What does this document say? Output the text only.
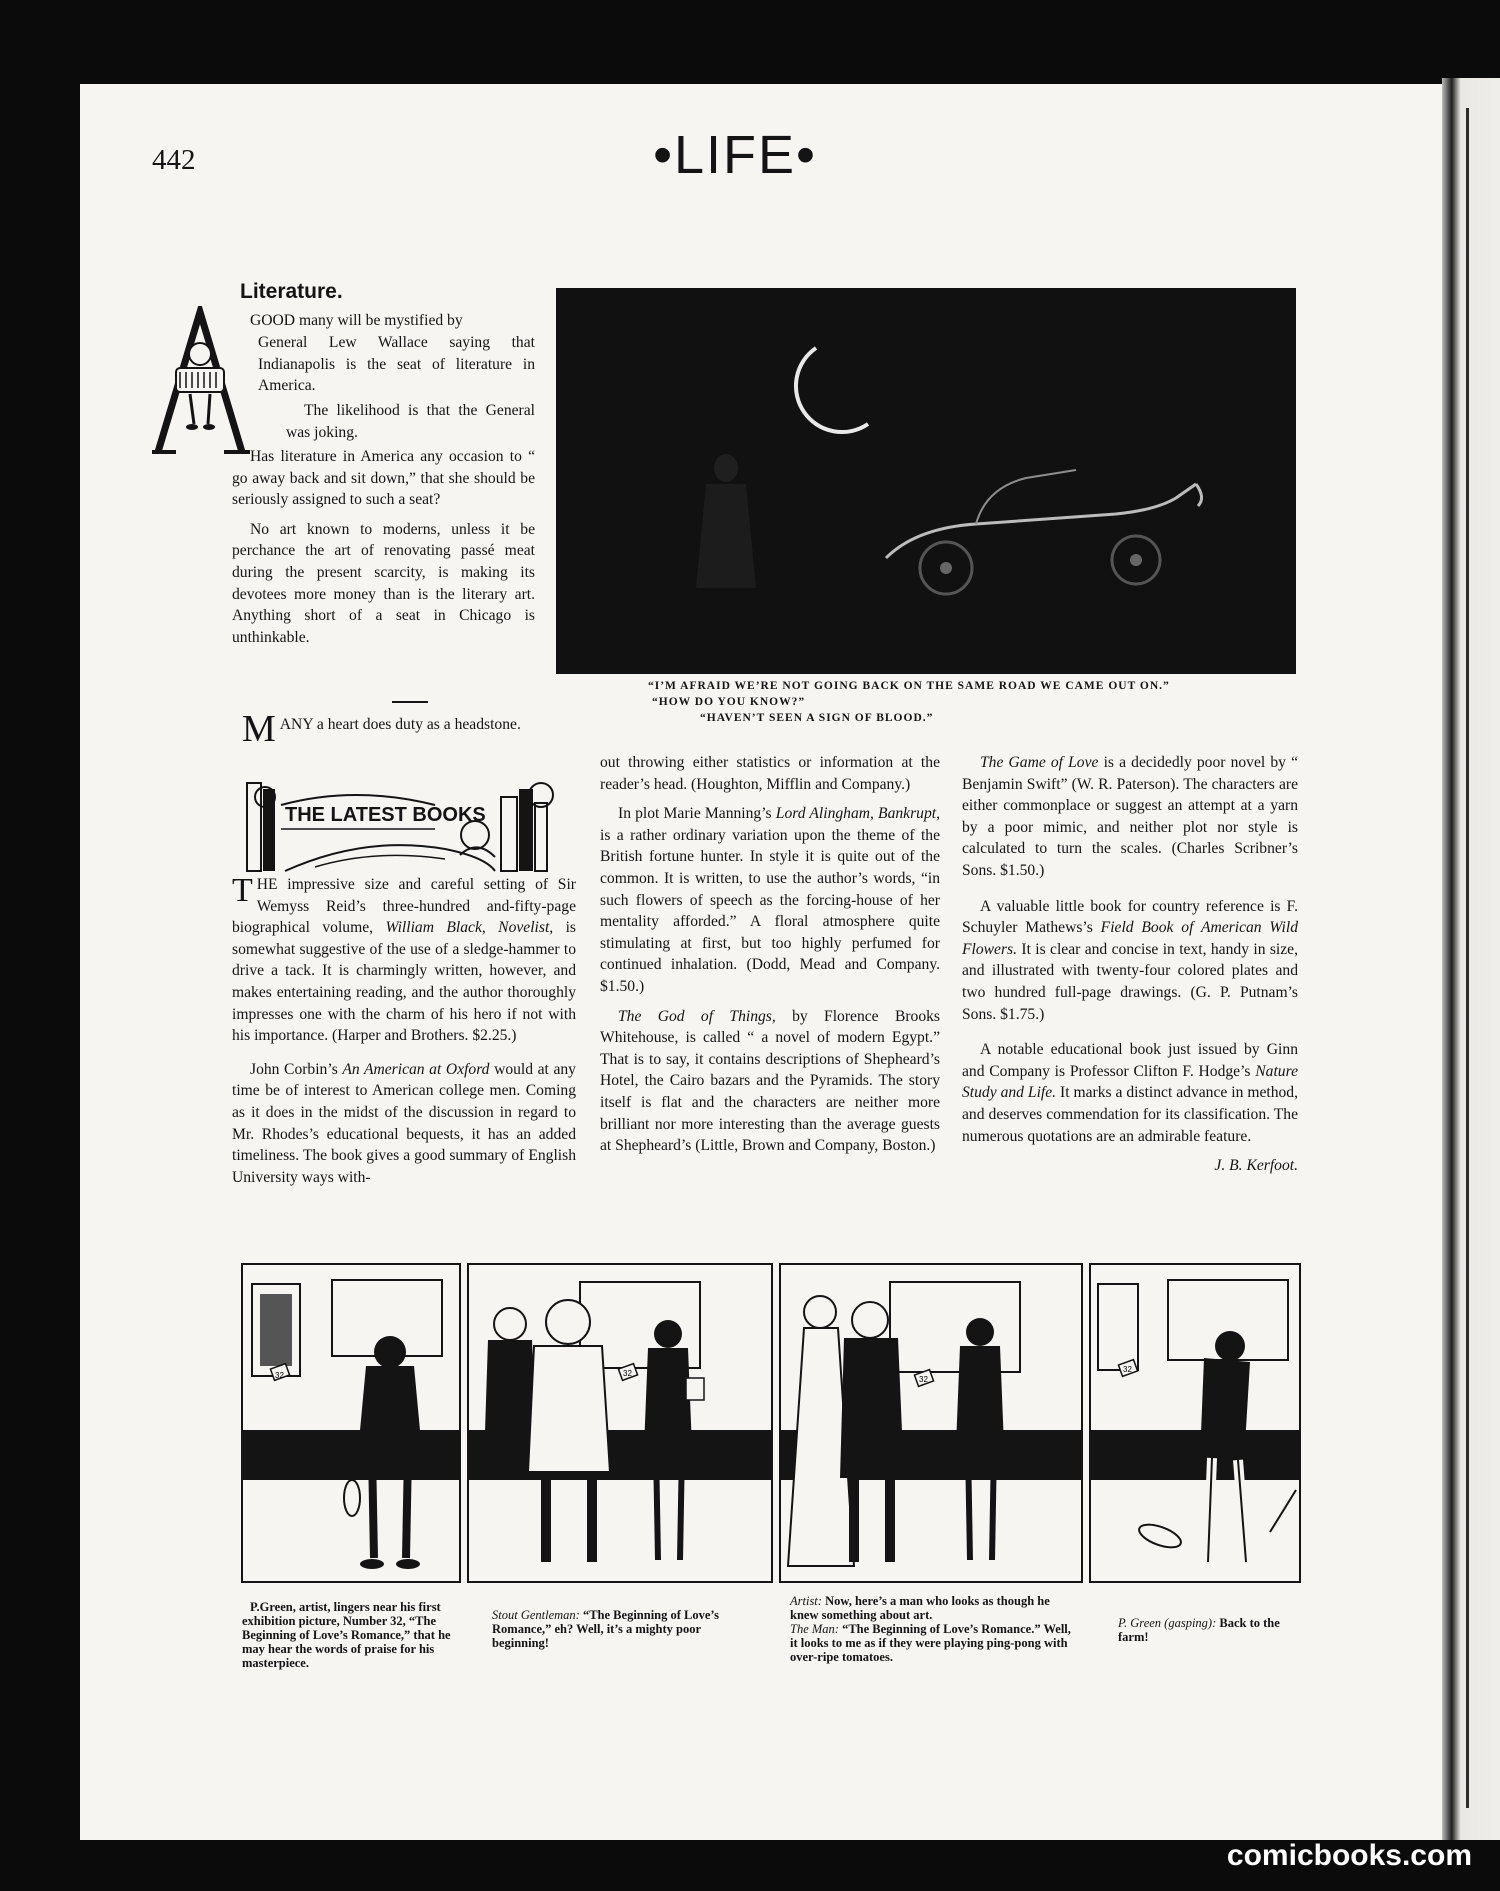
442	•LIFE•
Literature.

GOOD many will be mystified by

General Lew Wallace saying that Indianapolis is the seat of literature in America.

The likelihood is that the General was joking.

Has literature in America any occasion to “ go away back and sit down,” that she should be seriously assigned to such a seat?

No art known to moderns, unless it be perchance the art of renovating passé meat during the present scarcity, is making its devotees more money than is the literary art. Anything short of a seat in Chicago is unthinkable.

MANY a heart does duty as a headstone.
THE LATEST BOOKS

THE impressive size and careful setting of Sir Wemyss Reid’s three-hundred and-fifty-page biographical volume, William Black, Novelist, is somewhat suggestive of the use of a sledge-hammer to drive a tack. It is charmingly written, however, and makes entertaining reading, and the author thoroughly impresses one with the charm of his hero if not with his importance. (Harper and Brothers. $2.25.)

John Corbin’s An American at Oxford would at any time be of interest to American college men. Coming as it does in the midst of the discussion in regard to Mr. Rhodes’s educational bequests, it has an added timeliness. The book gives a good summary of English University ways with-

“I’M AFRAID WE’RE NOT GOING BACK ON THE SAME ROAD WE CAME OUT ON.”
“HOW DO YOU KNOW?”
“HAVEN’T SEEN A SIGN OF BLOOD.”

out throwing either statistics or information at the reader’s head. (Houghton, Mifflin and Company.)

In plot Marie Manning’s Lord Alingham, Bankrupt, is a rather ordinary variation upon the theme of the British fortune hunter. In style it is quite out of the common. It is written, to use the author’s words, “in such flowers of speech as the forcing-house of her mentality afforded.” A floral atmosphere quite stimulating at first, but too highly perfumed for continued inhalation. (Dodd, Mead and Company. $1.50.)

The God of Things, by Florence Brooks Whitehouse, is called “ a novel of modern Egypt.” That is to say, it contains descriptions of Shepheard’s Hotel, the Cairo bazars and the Pyramids. The story itself is flat and the characters are neither more brilliant nor more interesting than the average guests at Shepheard’s (Little, Brown and Company, Boston.)

The Game of Love is a decidedly poor novel by “ Benjamin Swift” (W. R. Paterson). The characters are either commonplace or suggest an attempt at a yarn by a poor mimic, and neither plot nor style is calculated to turn the scales. (Charles Scribner’s Sons. $1.50.)

A valuable little book for country reference is F. Schuyler Mathews’s Field Book of American Wild Flowers. It is clear and concise in text, handy in size, and illustrated with twenty-four colored plates and two hundred full-page drawings. (G. P. Putnam’s Sons. $1.75.)

A notable educational book just issued by Ginn and Company is Professor Clifton F. Hodge’s Nature Study and Life. It marks a distinct advance in method, and deserves commendation for its classification. The numerous quotations are an admirable feature.

J. B. Kerfoot.

32	32
32
32
P.Green, artist, lingers near his first exhibition picture, Number 32, “The Beginning of Love’s Romance,” that he may hear the words of praise for his masterpiece.
Stout Gentleman: “The Beginning of Love’s Romance,” eh? Well, it’s a mighty poor beginning!
Artist: Now, here’s a man who looks as though he knew something about art.
The Man: “The Beginning of Love’s Romance.” Well, it looks to me as if they were playing ping-pong with over-ripe tomatoes.
P. Green (gasping): Back to the farm!
comicbooks.com
